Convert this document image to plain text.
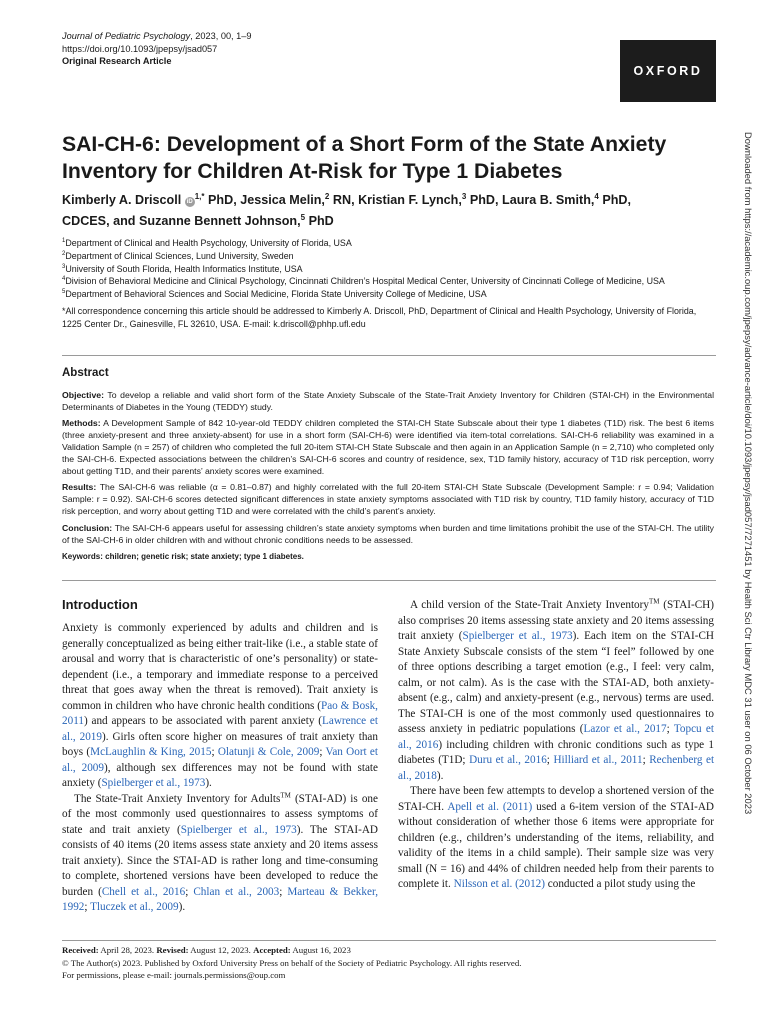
Journal of Pediatric Psychology, 2023, 00, 1–9
https://doi.org/10.1093/jpepsy/jsad057
Original Research Article
OXFORD
SAI-CH-6: Development of a Short Form of the State Anxiety Inventory for Children At-Risk for Type 1 Diabetes
Kimberly A. Driscoll $iD^{1,*}$ PhD, Jessica Melin,$^2$ RN, Kristian F. Lynch,$^3$ PhD, Laura B. Smith,$^4$ PhD,
CDCES, and Suzanne Bennett Johnson,$^5$ PhD

$^1$Department of Clinical and Health Psychology, University of Florida, USA

$^2$Department of Clinical Sciences, Lund University, Sweden

$^3$University of South Florida, Health Informatics Institute, USA

$^4$Division of Behavioral Medicine and Clinical Psychology, Cincinnati Children’s Hospital Medical Center, University of Cincinnati College of Medicine, USA

$^5$Department of Behavioral Sciences and Social Medicine, Florida State University College of Medicine, USA

*All correspondence concerning this article should be addressed to Kimberly A. Driscoll, PhD, Department of Clinical and Health Psychology, University of Florida, 1225 Center Dr., Gainesville, FL 32610, USA. E-mail: k.driscoll@phhp.ufl.edu

Abstract

Objective: To develop a reliable and valid short form of the State Anxiety Subscale of the State-Trait Anxiety Inventory for Children (STAI-CH) in the Environmental Determinants of Diabetes in the Young (TEDDY) study.

Methods: A Development Sample of 842 10-year-old TEDDY children completed the STAI-CH State Subscale about their type 1 diabetes (T1D) risk. The best 6 items (three anxiety-present and three anxiety-absent) for use in a short form (SAI-CH-6) were identified via item-total correlations. SAI-CH-6 reliability was examined in a Validation Sample (n = 257) of children who completed the full 20-item STAI-CH State Subscale and then again in an Application Sample (n = 2,710) who completed only the SAI-CH-6. Expected associations between the children’s SAI-CH-6 scores and country of residence, sex, T1D family history, accuracy of T1D risk perception, worry about getting T1D, and their parents’ anxiety scores were examined.

Results: The SAI-CH-6 was reliable (α = 0.81–0.87) and highly correlated with the full 20-item STAI-CH State Subscale (Development Sample: r = 0.94; Validation Sample: r = 0.92). SAI-CH-6 scores detected significant differences in state anxiety symptoms associated with T1D risk by country, T1D family history, accuracy of T1D risk perception, and worry about getting T1D and were correlated with the child’s parent’s anxiety.

Conclusion: The SAI-CH-6 appears useful for assessing children’s state anxiety symptoms when burden and time limitations prohibit the use of the STAI-CH. The utility of the SAI-CH-6 in older children with and without chronic conditions needs to be assessed.

Keywords: children; genetic risk; state anxiety; type 1 diabetes.

Introduction

Anxiety is commonly experienced by adults and children and is generally conceptualized as being either trait-like (i.e., a stable state of arousal and worry that is characteristic of one’s personality) or state-dependent (i.e., a temporary and immediate response to a perceived threat that goes away when the threat is removed). Trait anxiety is common in children who have chronic health conditions (Pao & Bosk, 2011) and appears to be associated with parent anxiety (Lawrence et al., 2019). Girls often score higher on measures of trait anxiety than boys (McLaughlin & King, 2015; Olatunji & Cole, 2009; Van Oort et al., 2009), although sex differences may not be found with state anxiety (Spielberger et al., 1973).

The State-Trait Anxiety Inventory for Adults™ (STAI-AD) is one of the most commonly used questionnaires to assess symptoms of state and trait anxiety (Spielberger et al., 1973). The STAI-AD consists of 40 items (20 items assess state anxiety and 20 items assess trait anxiety). Since the STAI-AD is rather long and time-consuming to complete, shortened versions have been developed to reduce the burden (Chell et al., 2016; Chlan et al., 2003; Marteau & Bekker, 1992; Tluczek et al., 2009).

A child version of the State-Trait Anxiety Inventory™ (STAI-CH) also comprises 20 items assessing state anxiety and 20 items assessing trait anxiety (Spielberger et al., 1973). Each item on the STAI-CH State Anxiety Subscale consists of the stem “I feel” followed by one of three options describing a target emotion (e.g., I feel: very calm, calm, or not calm). As is the case with the STAI-AD, both anxiety-absent (e.g., calm) and anxiety-present (e.g., nervous) terms are used. The STAI-CH is one of the most commonly used questionnaires to assess anxiety in pediatric populations (Lazor et al., 2017; Topcu et al., 2016) including children with chronic conditions such as type 1 diabetes (T1D; Duru et al., 2016; Hilliard et al., 2011; Rechenberg et al., 2018).

There have been few attempts to develop a shortened version of the STAI-CH. Apell et al. (2011) used a 6-item version of the STAI-AD without consideration of whether those 6 items were appropriate for children (e.g., children’s understanding of the items, reliability, and validity of the items in a child sample). Their sample size was very small (N = 16) and 44% of children needed help from their parents to complete it. Nilsson et al. (2012) conducted a pilot study using the

Received: April 28, 2023. Revised: August 12, 2023. Accepted: August 16, 2023

© The Author(s) 2023. Published by Oxford University Press on behalf of the Society of Pediatric Psychology. All rights reserved.

For permissions, please e-mail: journals.permissions@oup.com

Downloaded from https://academic.oup.com/jpepsy/advance-article/doi/10.1093/jpepsy/jsad057/7271451 by Health Sci Ctr Library MDC 31 user on 06 October 2023
